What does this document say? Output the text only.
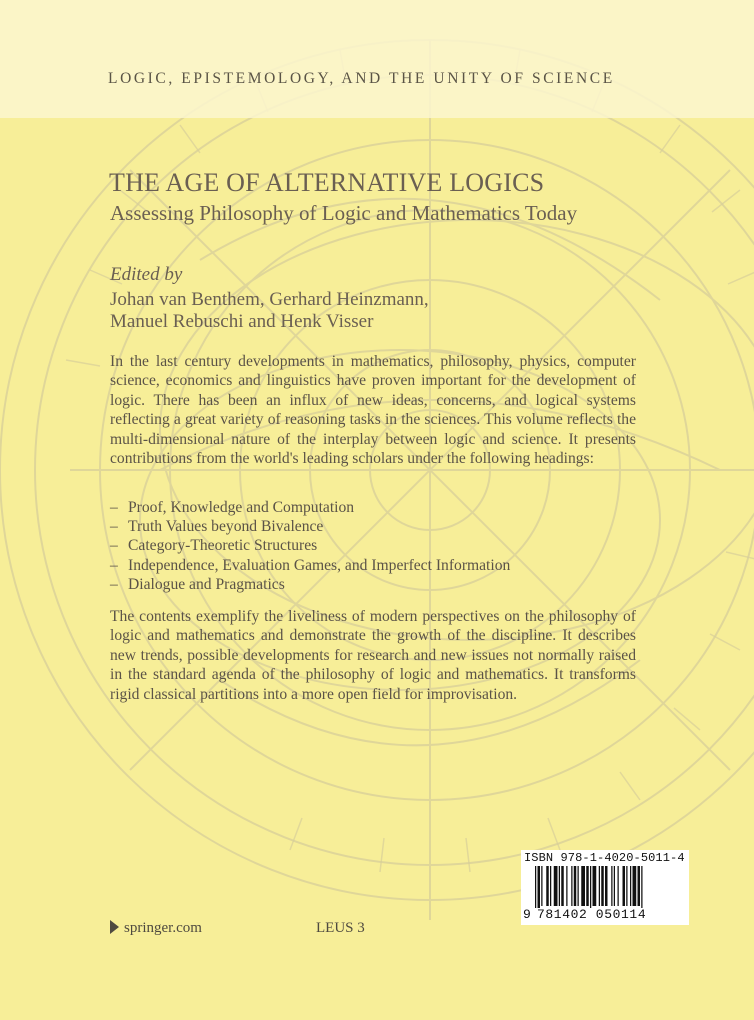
LOGIC, EPISTEMOLOGY, AND THE UNITY OF SCIENCE
THE AGE OF ALTERNATIVE LOGICS
Assessing Philosophy of Logic and Mathematics Today
Edited by
Johan van Benthem, Gerhard Heinzmann,
Manuel Rebuschi and Henk Visser

In the last century developments in mathematics, philosophy, physics, computer science, economics and linguistics have proven important for the development of logic. There has been an influx of new ideas, concerns, and logical systems reflecting a great variety of reasoning tasks in the sciences. This volume reflects the multi-dimensional nature of the interplay between logic and science. It presents contributions from the world's leading scholars under the following headings:

– Proof, Knowledge and Computation
– Truth Values beyond Bivalence
– Category-Theoretic Structures
– Independence, Evaluation Games, and Imperfect Information
– Dialogue and Pragmatics

The contents exemplify the liveliness of modern perspectives on the philosophy of logic and mathematics and demonstrate the growth of the discipline. It describes new trends, possible developments for research and new issues not normally raised in the standard agenda of the philosophy of logic and mathematics. It transforms rigid classical partitions into a more open field for improvisation.

ISBN 978-1-4020-5011-4
9 781402 050114
springer.com	LEUS 3
